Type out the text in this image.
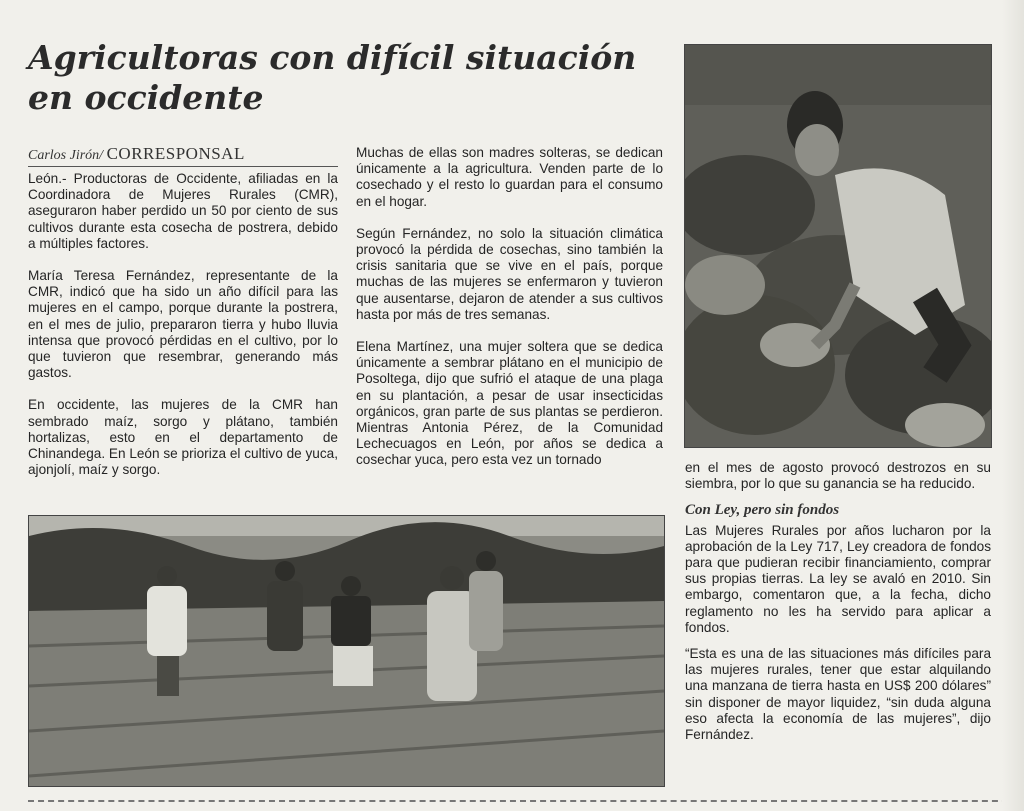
Agricultoras con difícil situación
en occidente
Carlos Jirón/ CORRESPONSAL

León.- Productoras de Occidente, afiliadas en la Coordinadora de Mujeres Rurales (CMR), aseguraron haber perdido un 50 por ciento de sus cultivos durante esta cosecha de postrera, debido a múltiples factores.

María Teresa Fernández, representante de la CMR, indicó que ha sido un año difícil para las mujeres en el campo, porque durante la postrera, en el mes de julio, prepararon tierra y hubo lluvia intensa que provocó pérdidas en el cultivo, por lo que tuvieron que resembrar, generando más gastos.

En occidente, las mujeres de la CMR han sembrado maíz, sorgo y plátano, también hortalizas, esto en el departamento de Chinandega. En León se prioriza el cultivo de yuca, ajonjolí, maíz y sorgo.

Muchas de ellas son madres solteras, se dedican únicamente a la agricultura. Venden parte de lo cosechado y el resto lo guardan para el consumo en el hogar.

Según Fernández, no solo la situación climática provocó la pérdida de cosechas, sino también la crisis sanitaria que se vive en el país, porque muchas de las mujeres se enfermaron y tuvieron que ausentarse, dejaron de atender a sus cultivos hasta por más de tres semanas.

Elena Martínez, una mujer soltera que se dedica únicamente a sembrar plátano en el municipio de Posoltega, dijo que sufrió el ataque de una plaga en su plantación, a pesar de usar insecticidas orgánicos, gran parte de sus plantas se perdieron. Mientras Antonia Pérez, de la Comunidad Lechecuagos en León, por años se dedica a cosechar yuca, pero esta vez un tornado

en el mes de agosto provocó destrozos en su siembra, por lo que su ganancia se ha reducido.

Con Ley, pero sin fondos

Las Mujeres Rurales por años lucharon por la aprobación de la Ley 717, Ley creadora de fondos para que pudieran recibir financiamiento, comprar sus propias tierras. La ley se avaló en 2010. Sin embargo, comentaron que, a la fecha, dicho reglamento no les ha servido para aplicar a fondos.

“Esta es una de las situaciones más difíciles para las mujeres rurales, tener que estar alquilando una manzana de tierra hasta en US$ 200 dólares” sin disponer de mayor liquidez, “sin duda alguna eso afecta la economía de las mujeres”, dijo Fernández.
